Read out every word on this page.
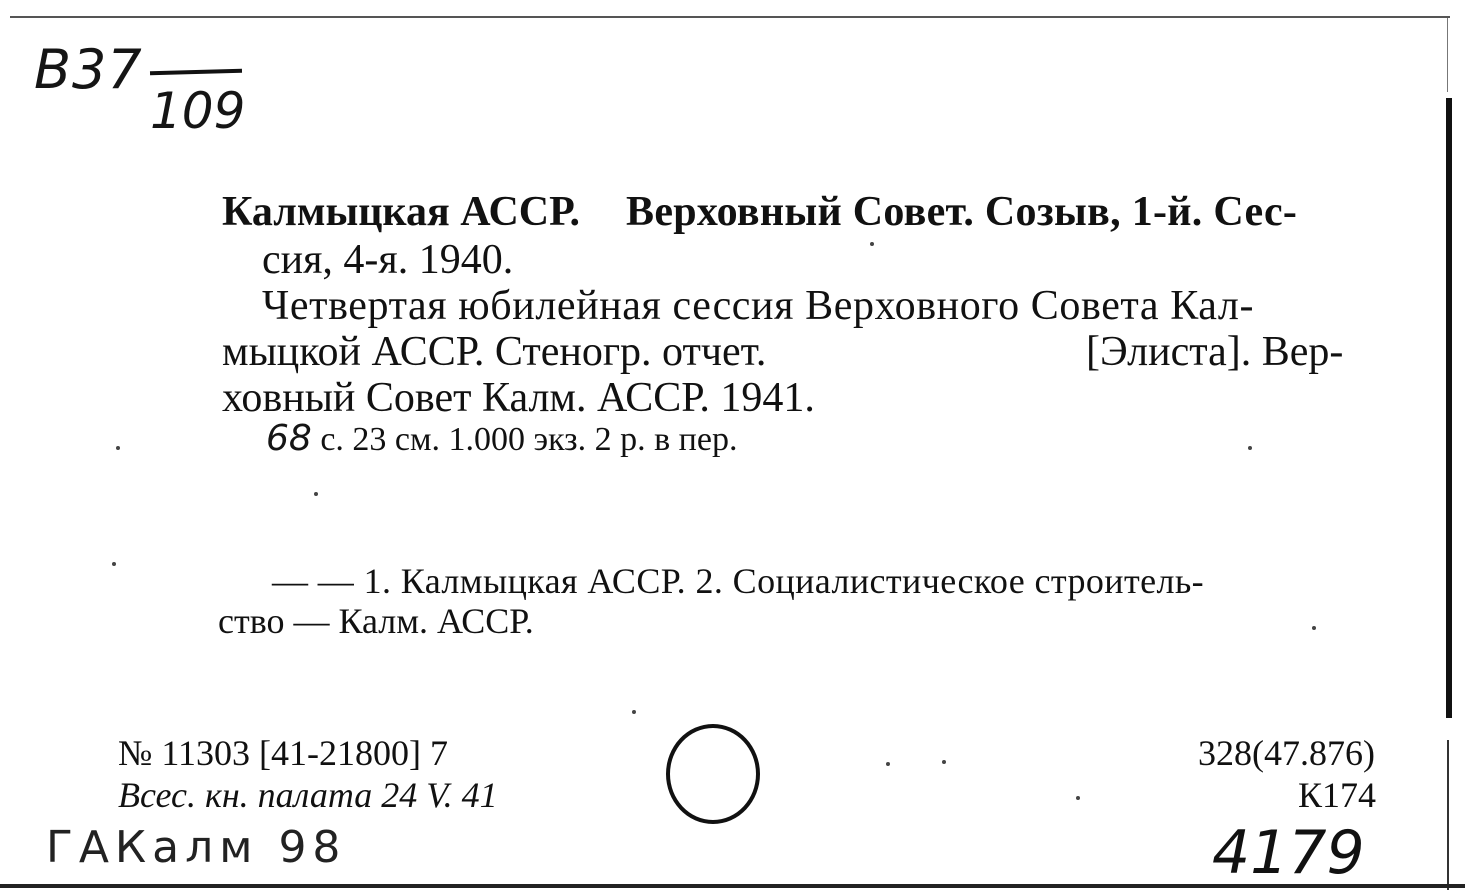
В37
109
Калмыцкая АССР. Верховный Совет. Созыв, 1-й. Сес-
сия, 4-я. 1940.
Четвертая юбилейная сессия Верховного Совета Кал-
мыцкой АССР. Стеногр. отчет.	[Элиста]. Вер-
ховный Совет Калм. АССР. 1941.
68 с. 23 см. 1.000 экз. 2 р. в пер.
— — 1. Калмыцкая АССР. 2. Социалистическое строитель-
ство — Калм. АССР.
№ 11303 [41-21800] 7
Всес. кн. палата 24 V. 41
328(47.876)
К174
ГАКалм 98	4179
